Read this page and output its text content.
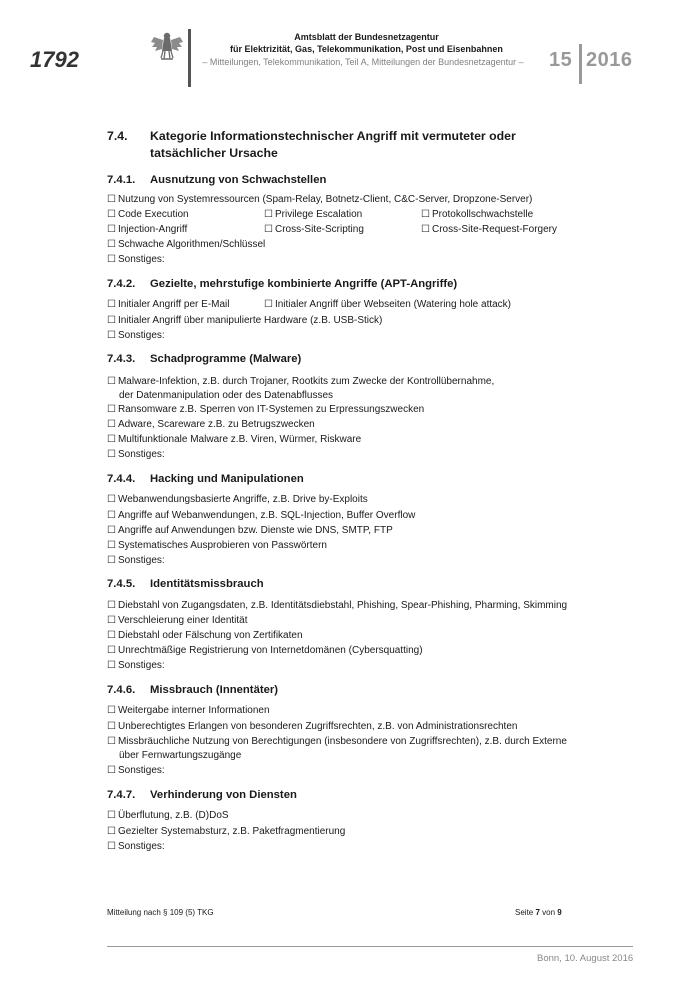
1792
Amtsblatt der Bundesnetzagentur
für Elektrizität, Gas, Telekommunikation, Post und Eisenbahnen
– Mitteilungen, Telekommunikation, Teil A, Mitteilungen der Bundesnetzagentur –	15 2016
7.4. Kategorie Informationstechnischer Angriff mit vermuteter oder tatsächlicher Ursache
7.4.1. Ausnutzung von Schwachstellen
☐ Nutzung von Systemressourcen (Spam-Relay, Botnetz-Client, C&C-Server, Dropzone-Server)
☐ Code Execution	☐ Privilege Escalation	☐ Protokollschwachstelle
☐ Injection-Angriff	☐ Cross-Site-Scripting	☐ Cross-Site-Request-Forgery
☐ Schwache Algorithmen/Schlüssel
☐ Sonstiges:
7.4.2. Gezielte, mehrstufige kombinierte Angriffe (APT-Angriffe)
☐ Initialer Angriff per E-Mail	☐ Initialer Angriff über Webseiten (Watering hole attack)
☐ Initialer Angriff über manipulierte Hardware (z.B. USB-Stick)
☐ Sonstiges:
7.4.3. Schadprogramme (Malware)
☐ Malware-Infektion, z.B. durch Trojaner, Rootkits zum Zwecke der Kontrollübernahme,
der Datenmanipulation oder des Datenabflusses
☐ Ransomware z.B. Sperren von IT-Systemen zu Erpressungszwecken
☐ Adware, Scareware z.B. zu Betrugszwecken
☐ Multifunktionale Malware z.B. Viren, Würmer, Riskware
☐ Sonstiges:
7.4.4. Hacking und Manipulationen
☐ Webanwendungsbasierte Angriffe, z.B. Drive by-Exploits
☐ Angriffe auf Webanwendungen, z.B. SQL-Injection, Buffer Overflow
☐ Angriffe auf Anwendungen bzw. Dienste wie DNS, SMTP, FTP
☐ Systematisches Ausprobieren von Passwörtern
☐ Sonstiges:
7.4.5. Identitätsmissbrauch
☐ Diebstahl von Zugangsdaten, z.B. Identitätsdiebstahl, Phishing, Spear-Phishing, Pharming, Skimming
☐ Verschleierung einer Identität
☐ Diebstahl oder Fälschung von Zertifikaten
☐ Unrechtmäßige Registrierung von Internetdomänen (Cybersquatting)
☐ Sonstiges:
7.4.6. Missbrauch (Innentäter)
☐ Weitergabe interner Informationen
☐ Unberechtigtes Erlangen von besonderen Zugriffsrechten, z.B. von Administrationsrechten
☐ Missbräuchliche Nutzung von Berechtigungen (insbesondere von Zugriffsrechten), z.B. durch Externe
über Fernwartungszugänge
☐ Sonstiges:
7.4.7. Verhinderung von Diensten
☐ Überflutung, z.B. (D)DoS
☐ Gezielter Systemabsturz, z.B. Paketfragmentierung
☐ Sonstiges:
Mitteilung nach § 109 (5) TKG	Seite 7 von 9
Bonn, 10. August 2016
